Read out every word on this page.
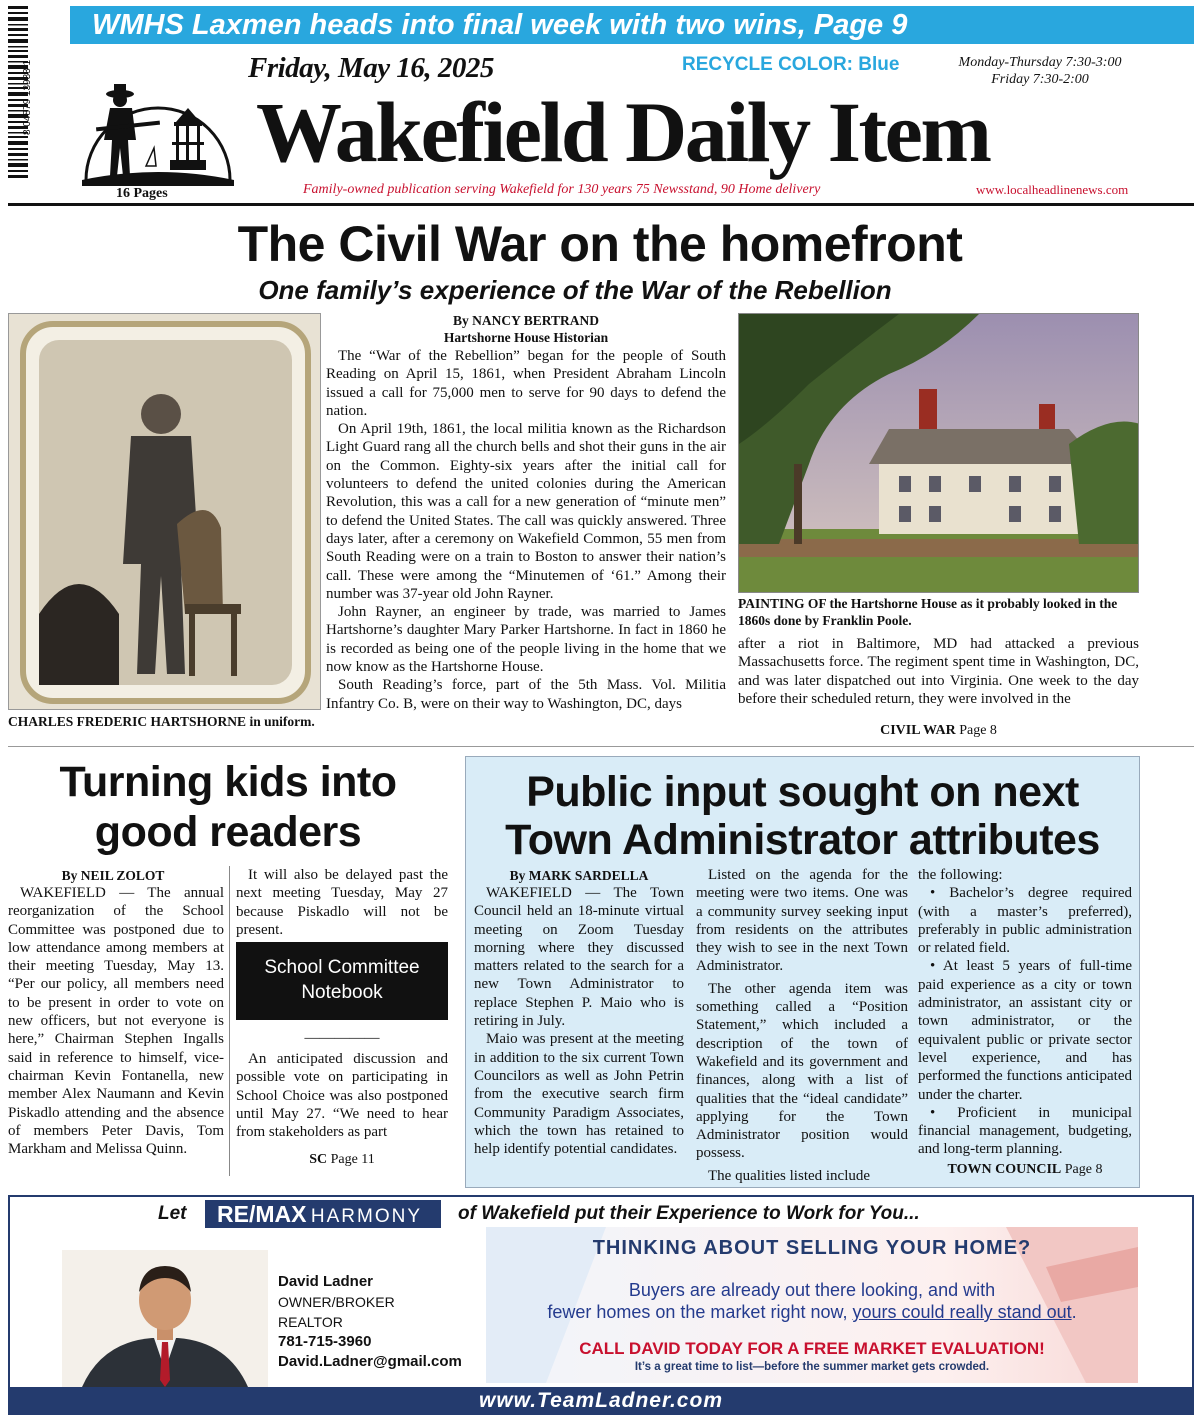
WMHS Laxmen heads into final week with two wins, Page 9
8 04879 13933 1
16 Pages
Friday, May 16, 2025	RECYCLE COLOR: Blue	Monday-Thursday 7:30-3:00
Friday 7:30-2:00
Wakefield Daily Item
Family-owned publication serving Wakefield for 130 years 75 Newsstand, 90 Home delivery	www.localheadlinenews.com
The Civil War on the homefront
One family’s experience of the War of the Rebellion
CHARLES FREDERIC HARTSHORNE in uniform.
By NANCY BERTRAND
Hartshorne House Historian

The “War of the Rebellion” began for the people of South Reading on April 15, 1861, when President Abraham Lincoln issued a call for 75,000 men to serve for 90 days to defend the nation.

On April 19th, 1861, the local militia known as the Richardson Light Guard rang all the church bells and shot their guns in the air on the Common. Eighty-six years after the initial call for volunteers to defend the united colonies during the American Revolution, this was a call for a new generation of “minute men” to defend the United States. The call was quickly answered. Three days later, after a ceremony on Wakefield Common, 55 men from South Reading were on a train to Boston to answer their nation’s call. These were among the “Minutemen of ‘61.” Among their number was 37-year old John Rayner.

John Rayner, an engineer by trade, was married to James Hartshorne’s daughter Mary Parker Hartshorne. In fact in 1860 he is recorded as being one of the people living in the home that we now know as the Hartshorne House.

South Reading’s force, part of the 5th Mass. Vol. Militia Infantry Co. B, were on their way to Washington, DC, days

PAINTING OF the Hartshorne House as it probably looked in the 1860s done by Franklin Poole.
after a riot in Baltimore, MD had attacked a previous Massachusetts force. The regiment spent time in Washington, DC, and was later dispatched out into Virginia. One week to the day before their scheduled return, they were involved in the
CIVIL WAR Page 8
Turning kids into good readers
By NEIL ZOLOT

WAKEFIELD — The annual reorganization of the School Committee was postponed due to low attendance among members at their meeting Tuesday, May 13. “Per our policy, all members need to be present in order to vote on new officers, but not everyone is here,” Chairman Stephen Ingalls said in reference to himself, vice-chairman Kevin Fontanella, new member Alex Naumann and Kevin Piskadlo attending and the absence of members Peter Davis, Tom Markham and Melissa Quinn.

It will also be delayed past the next meeting Tuesday, May 27 because Piskadlo will not be present.

School Committee
Notebook
—————

An anticipated discussion and possible vote on participating in School Choice was also postponed until May 27. “We need to hear from stakeholders as part

SC Page 11
Public input sought on next
Town Administrator attributes
By MARK SARDELLA

WAKEFIELD — The Town Council held an 18-minute virtual meeting on Zoom Tuesday morning where they discussed matters related to the search for a new Town Administrator to replace Stephen P. Maio who is retiring in July.

Maio was present at the meeting in addition to the six current Town Councilors as well as John Petrin from the executive search firm Community Paradigm Associates, which the town has retained to help identify potential candidates.

Listed on the agenda for the meeting were two items. One was a community survey seeking input from residents on the attributes they wish to see in the next Town Administrator.

The other agenda item was something called a “Position Statement,” which included a description of the town of Wakefield and its government and finances, along with a list of qualities that the “ideal candidate” applying for the Town Administrator position would possess.

The qualities listed include

the following:

• Bachelor’s degree required (with a master’s preferred), preferably in public administration or related field.

• At least 5 years of full-time paid experience as a city or town administrator, an assistant city or town administrator, or the equivalent public or private sector level experience, and has performed the functions anticipated under the charter.

• Proficient in municipal financial management, budgeting, and long-term planning.

TOWN COUNCIL Page 8
Let	RE/MAX HARMONY	of Wakefield put their Experience to Work for You...
David Ladner
OWNER/BROKER
REALTOR
781-715-3960
David.Ladner@gmail.com
THINKING ABOUT SELLING YOUR HOME?
Buyers are already out there looking, and with
fewer homes on the market right now, yours could really stand out.
CALL DAVID TODAY FOR A FREE MARKET EVALUATION!
It’s a great time to list—before the summer market gets crowded.
www.TeamLadner.com
